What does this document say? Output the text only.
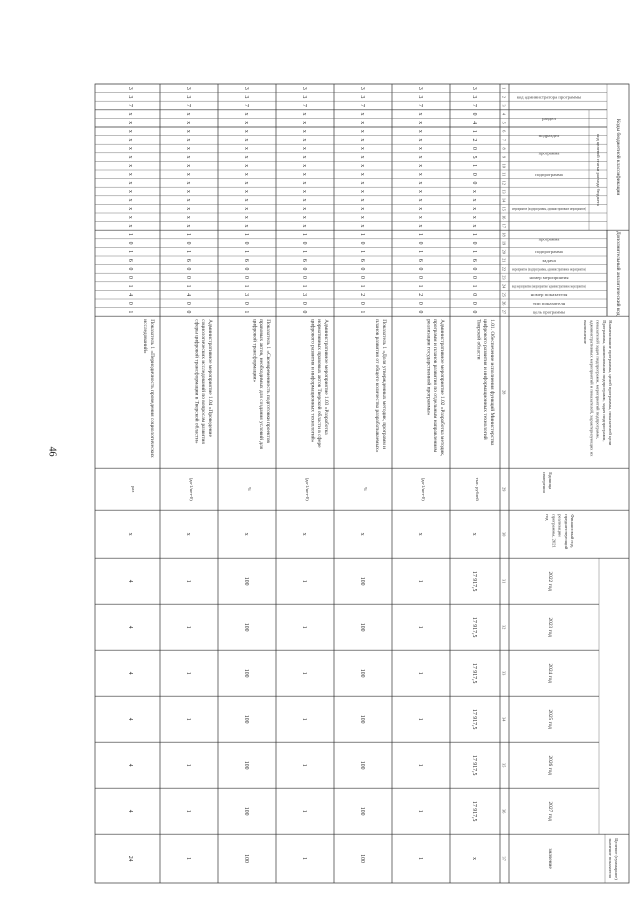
46
Коды бюджетной классификации
Дополнительный аналитический код
код целевой статьи расхода бюджета
код администратора программы
раздел
подраздел
программа
подпрограмма
мероприятие (подпрограммы, административное мероприятие)
программа
подпрограмма
задача
мероприятие (подпрограммы, административное мероприятие)
номер мероприятия
вид мероприятия (мероприятие/ административное мероприятие)
номер показателя
тип показателя
цель программы
Наименование программы, целей программы, показателей цели
Программы, наименования подпрограмм, задач подпрограмм,
показателей задач подпрограмм, мероприятий подпрограмм,
административных мероприятий и показателей, характеризующих их
выполнение
Единица
измерения
Финансовый год,
предшествующий
реализации
программы, 2021
год
2022 год
2023 год
2024 год
2025 год
2026 год
2027 год
Целевое (суммарное)
значение показателя
значение
1
2
3
4
5
6
7
8
9
10
11
12
13
14
15
16
17
18
19
20
21
22
23
24
25
26
27
28
29
30
31
32
33
34
35
36
37
3
3
7
0
4
1
2
0
5
1
0
0
х
х
х
х
х
1
0
1
6
0
0
1
0
0
0
1.01. Обеспечение исполнения функций Министерства
цифрового развития и информационных технологий
Тверской области
тыс. рублей
х
17 917,5
17 917,5
17 917,5
17 917,5
17 917,5
17 917,5
х
3
3
7
х
х
х
х
х
х
х
х
х
х
х
х
х
х
1
0
1
6
0
0
1
2
0
0
Административное мероприятие 1.02 «Разработка методик,
программ и планов развития по отдельным направлениям
реализации государственной программы»
(да-1/нет-0)
х
1
1
1
1
1
1
1
3
3
7
х
х
х
х
х
х
х
х
х
х
х
х
х
х
1
0
1
6
0
0
1
2
0
1
Показатель 1 «Доля утвержденных методик, программ и
планов развития от общего количества разрабатываемых»
%
х
100
100
100
100
100
100
100
3
3
7
х
х
х
х
х
х
х
х
х
х
х
х
х
х
1
0
1
6
0
0
1
3
0
0
Административное мероприятие 1.03 «Разработка
нормативных правовых актов Тверской области в сфере
цифрового развития и информационных технологий»
(да-1/нет-0)
х
1
1
1
1
1
1
1
3
3
7
х
х
х
х
х
х
х
х
х
х
х
х
х
х
1
0
1
6
0
0
1
3
0
1
Показатель 1 «Своевременность подготовки проектов
правовых актов, необходимых для создания условий для
цифровой трансформации»
%
х
100
100
100
100
100
100
100
3
3
7
х
х
х
х
х
х
х
х
х
х
х
х
х
х
1
0
1
6
0
0
1
4
0
0
Административное мероприятие 1.04 «Проведение
социологических исследований по вопросам развития
сферы цифровой трансформации в Тверской области»
(да-1/нет-0)
х
1
1
1
1
1
1
1
3
3
7
х
х
х
х
х
х
х
х
х
х
х
х
х
х
1
0
1
6
0
0
1
4
0
1
Показатель 1 «Периодичность проведения социологических
исследований»
раз
х
4
4
4
4
4
4
24
